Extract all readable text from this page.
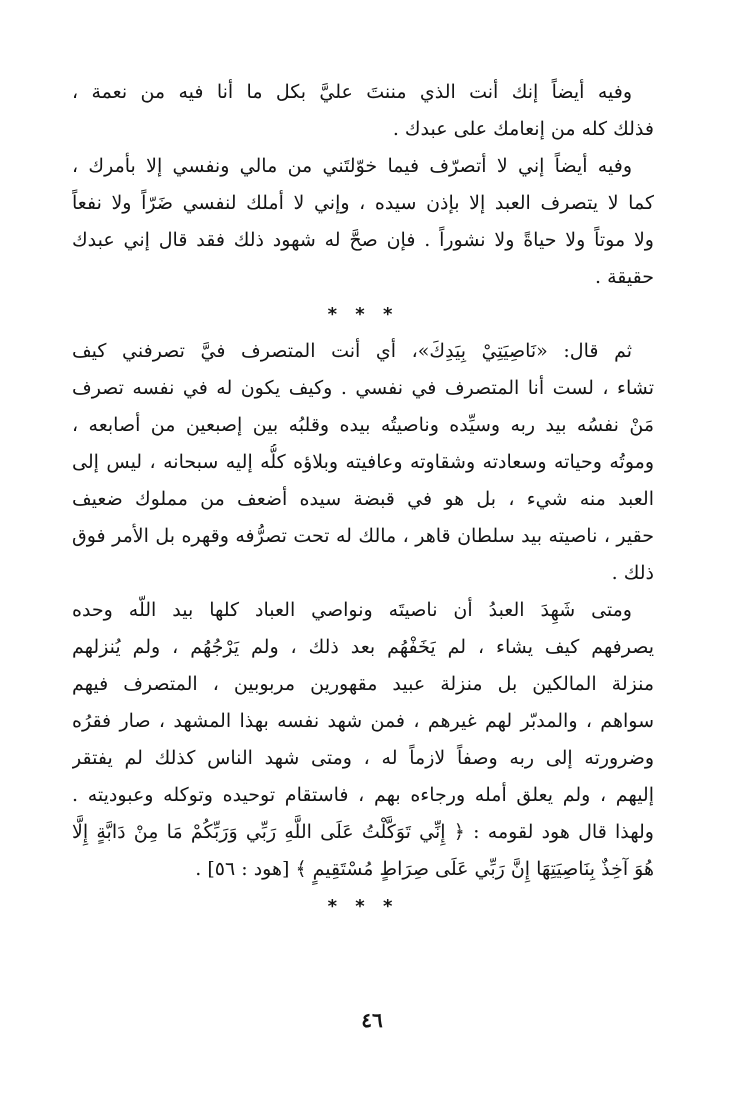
وفيه أيضاً إنك أنت الذي مننتَ عليَّ بكل ما أنا فيه من نعمة ،
فذلك كله من إنعامك على عبدك .
وفيه أيضاً إني لا أتصرّف فيما خوّلتَني من مالي ونفسي إلا بأمرك ،
كما لا يتصرف العبد إلا بإذن سيده ، وإني لا أملك لنفسي ضَرّاً ولا نفعاً
ولا موتاً ولا حياةً ولا نشوراً . فإن صحَّ له شهود ذلك فقد قال إني عبدك
حقيقة .
* * *
ثم قال: «نَاصِيَتِيْ بِيَدِكَ»، أي أنت المتصرف فيَّ تصرفني كيف
تشاء ، لست أنا المتصرف في نفسي . وكيف يكون له في نفسه تصرف
مَنْ نفسُه بيد ربه وسيِّده وناصيتُه بيده وقلبُه بين إصبعين من أصابعه ،
وموتُه وحياته وسعادته وشقاوته وعافيته وبلاؤه كلُّه إليه سبحانه ، ليس إلى
العبد منه شيء ، بل هو في قبضة سيده أضعف من مملوك ضعيف
حقير ، ناصيته بيد سلطان قاهر ، مالك له تحت تصرُّفه وقهره بل الأمر فوق
ذلك .
ومتى شَهِدَ العبدُ أن ناصيتَه ونواصي العباد كلها بيد اللّه وحده
يصرفهم كيف يشاء ، لم يَخَفْهُم بعد ذلك ، ولم يَرْجُهُم ، ولم يُنزلهم
منزلة المالكين بل منزلة عبيد مقهورين مربوبين ، المتصرف فيهم
سواهم ، والمدبّر لهم غيرهم ، فمن شهد نفسه بهذا المشهد ، صار فقرُه
وضرورته إلى ربه وصفاً لازماً له ، ومتى شهد الناس كذلك لم يفتقر
إليهم ، ولم يعلق أمله ورجاءه بهم ، فاستقام توحيده وتوكله وعبوديته .
ولهذا قال هود لقومه : ﴿ إِنِّي تَوَكَّلْتُ عَلَى اللَّهِ رَبِّي وَرَبِّكُمْ مَا مِنْ دَابَّةٍ إِلَّا
هُوَ آخِذٌ بِنَاصِيَتِهَا إِنَّ رَبِّي عَلَى صِرَاطٍ مُسْتَقِيمٍ ﴾ [هود : ٥٦] .
* * *
٤٦
